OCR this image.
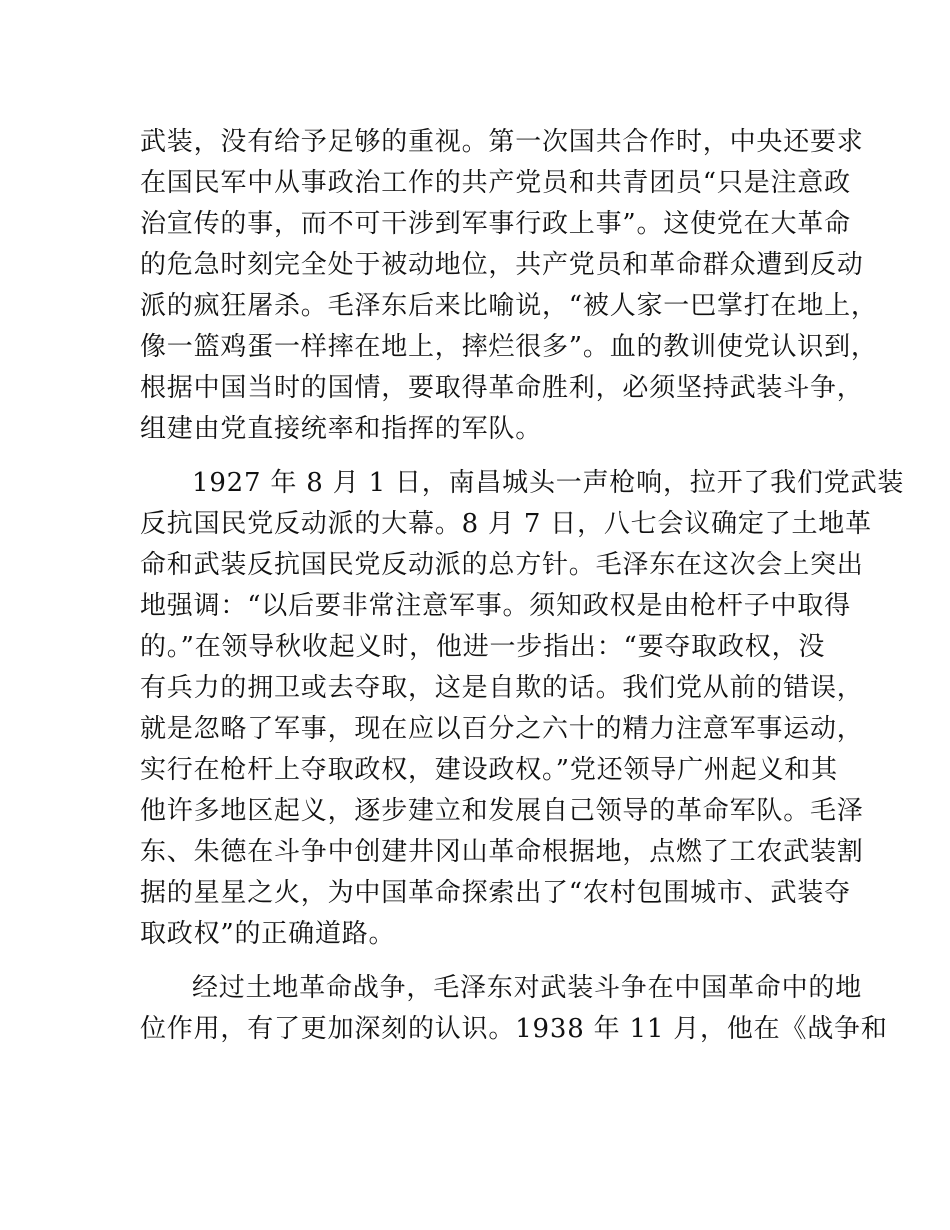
武装，没有给予足够的重视。第一次国共合作时，中央还要求
在国民军中从事政治工作的共产党员和共青团员“只是注意政
治宣传的事，而不可干涉到军事行政上事”。这使党在大革命
的危急时刻完全处于被动地位，共产党员和革命群众遭到反动
派的疯狂屠杀。毛泽东后来比喻说，“被人家一巴掌打在地上，
像一篮鸡蛋一样摔在地上，摔烂很多”。血的教训使党认识到，
根据中国当时的国情，要取得革命胜利，必须坚持武装斗争，
组建由党直接统率和指挥的军队。
1927 年 8 月 1 日，南昌城头一声枪响，拉开了我们党武装
反抗国民党反动派的大幕。8 月 7 日，八七会议确定了土地革
命和武装反抗国民党反动派的总方针。毛泽东在这次会上突出
地强调：“以后要非常注意军事。须知政权是由枪杆子中取得
的。”在领导秋收起义时，他进一步指出：“要夺取政权，没
有兵力的拥卫或去夺取，这是自欺的话。我们党从前的错误，
就是忽略了军事，现在应以百分之六十的精力注意军事运动，
实行在枪杆上夺取政权，建设政权。”党还领导广州起义和其
他许多地区起义，逐步建立和发展自己领导的革命军队。毛泽
东、朱德在斗争中创建井冈山革命根据地，点燃了工农武装割
据的星星之火，为中国革命探索出了“农村包围城市、武装夺
取政权”的正确道路。
经过土地革命战争，毛泽东对武装斗争在中国革命中的地
位作用，有了更加深刻的认识。1938 年 11 月，他在《战争和
